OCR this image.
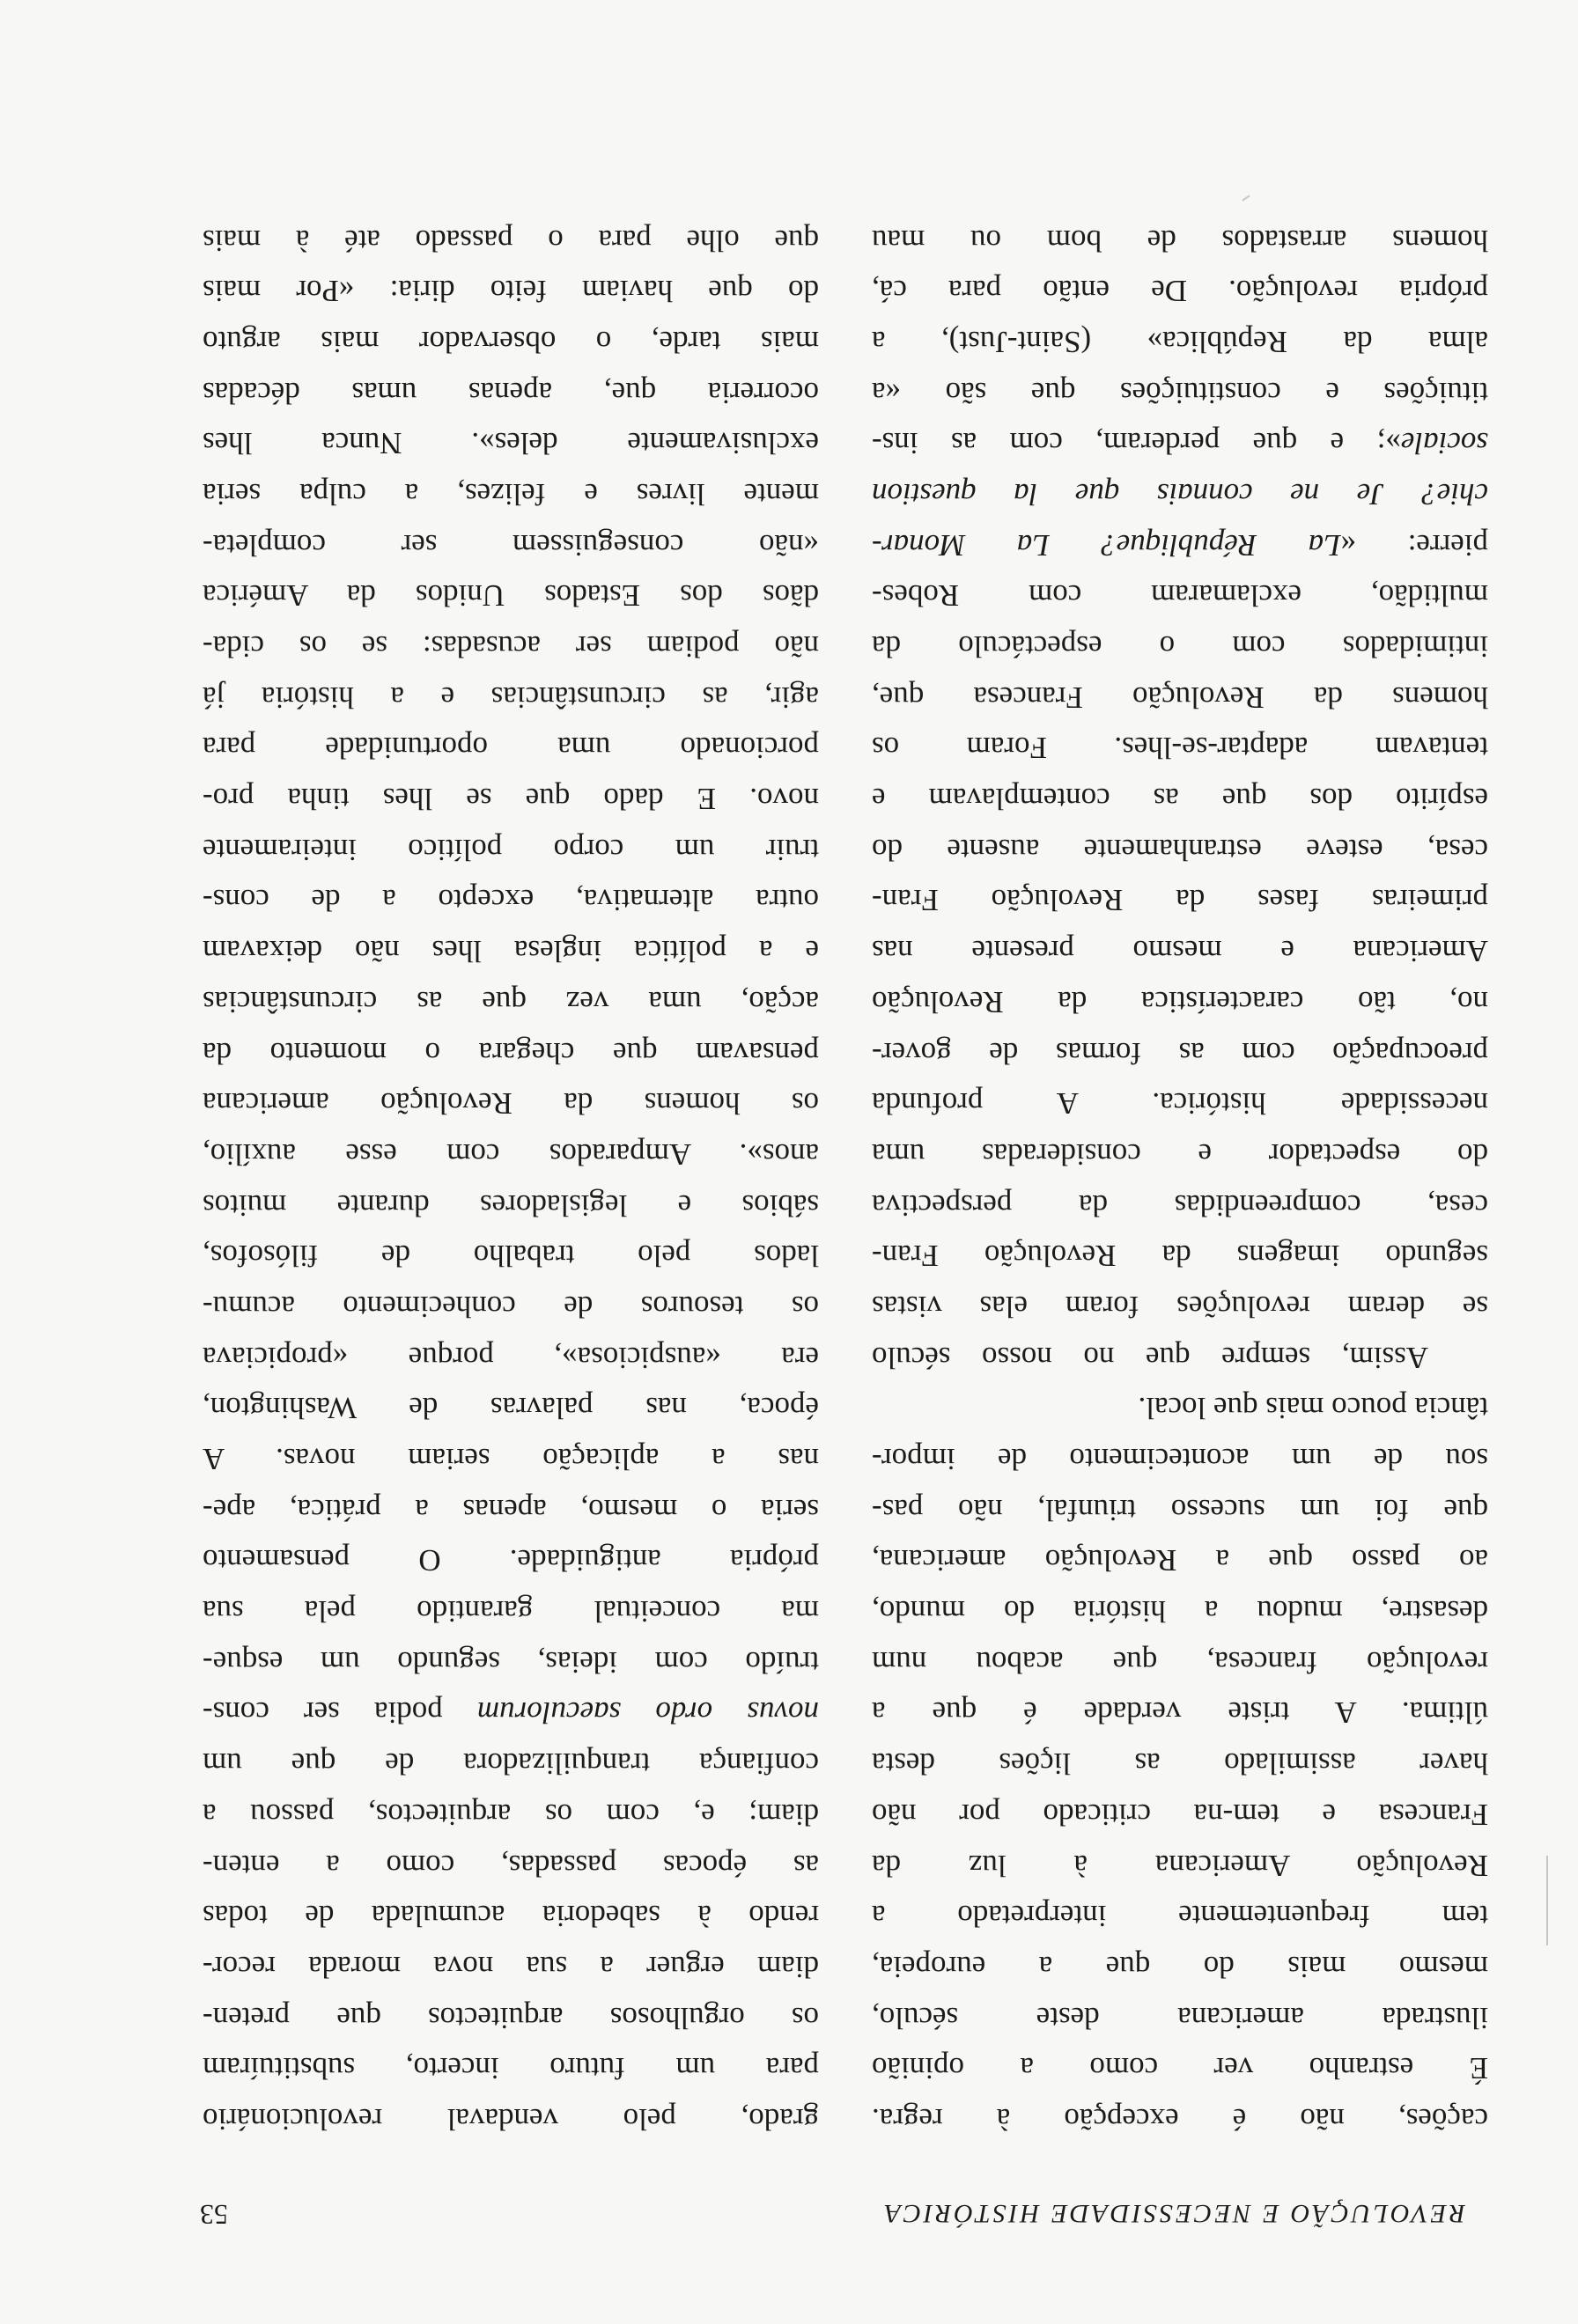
REVOLUÇÃO E NECESSIDADE HISTÓRICA
53
cações, não é excepção à regra.
É estranho ver como a opinião
ilustrada americana deste século,
mesmo mais do que a europeia,
tem frequentemente interpretado a
Revolução Americana à luz da
Francesa e tem-na criticado por não
haver assimilado as lições desta
última. A triste verdade é que a
revolução francesa, que acabou num
desastre, mudou a história do mundo,
ao passo que a Revolução americana,
que foi um sucesso triunfal, não pas-
sou de um acontecimento de impor-
tância pouco mais que local.
Assim, sempre que no nosso século
se deram revoluções foram elas vistas
segundo imagens da Revolução Fran-
cesa, compreendidas da perspectiva
do espectador e consideradas uma
necessidade histórica. A profunda
preocupação com as formas de gover-
no, tão característica da Revolução
Americana e mesmo presente nas
primeiras fases da Revolução Fran-
cesa, esteve estranhamente ausente do
espírito dos que as contemplavam e
tentavam adaptar-se-lhes. Foram os
homens da Revolução Francesa que,
intimidados com o espectáculo da
multidão, exclamaram com Robes-
pierre: «La République? La Monar-
chie? Je ne connais que la question
sociale»; e que perderam, com as ins-
tituições e constituições que são «a
alma da República» (Saint-Just), a
própria revolução. De então para cá,
homens arrastados de bom ou mau
grado, pelo vendaval revolucionário
para um futuro incerto, substituíram
os orgulhosos arquitectos que preten-
diam erguer a sua nova morada recor-
rendo à sabedoria acumulada de todas
as épocas passadas, como a enten-
diam; e, com os arquitectos, passou a
confiança tranquilizadora de que um
novus ordo saeculorum podia ser cons-
truído com ideias, segundo um esque-
ma conceitual garantido pela sua
própria antiguidade. O pensamento
seria o mesmo, apenas a prática, ape-
nas a aplicação seriam novas. A
época, nas palavras de Washington,
era «auspiciosa», porque «propiciava
os tesouros de conhecimento acumu-
lados pelo trabalho de filósofos,
sábios e legisladores durante muitos
anos». Amparados com esse auxílio,
os homens da Revolução americana
pensavam que chegara o momento da
acção, uma vez que as circunstâncias
e a política inglesa lhes não deixavam
outra alternativa, excepto a de cons-
truir um corpo político inteiramente
novo. E dado que se lhes tinha pro-
porcionado uma oportunidade para
agir, as circunstâncias e a história já
não podiam ser acusadas: se os cida-
dãos dos Estados Unidos da América
«não conseguissem ser completa-
mente livres e felizes, a culpa seria
exclusivamente deles». Nunca lhes
ocorreria que, apenas umas décadas
mais tarde, o observador mais arguto
do que haviam feito diria: «Por mais
que olhe para o passado até à mais
